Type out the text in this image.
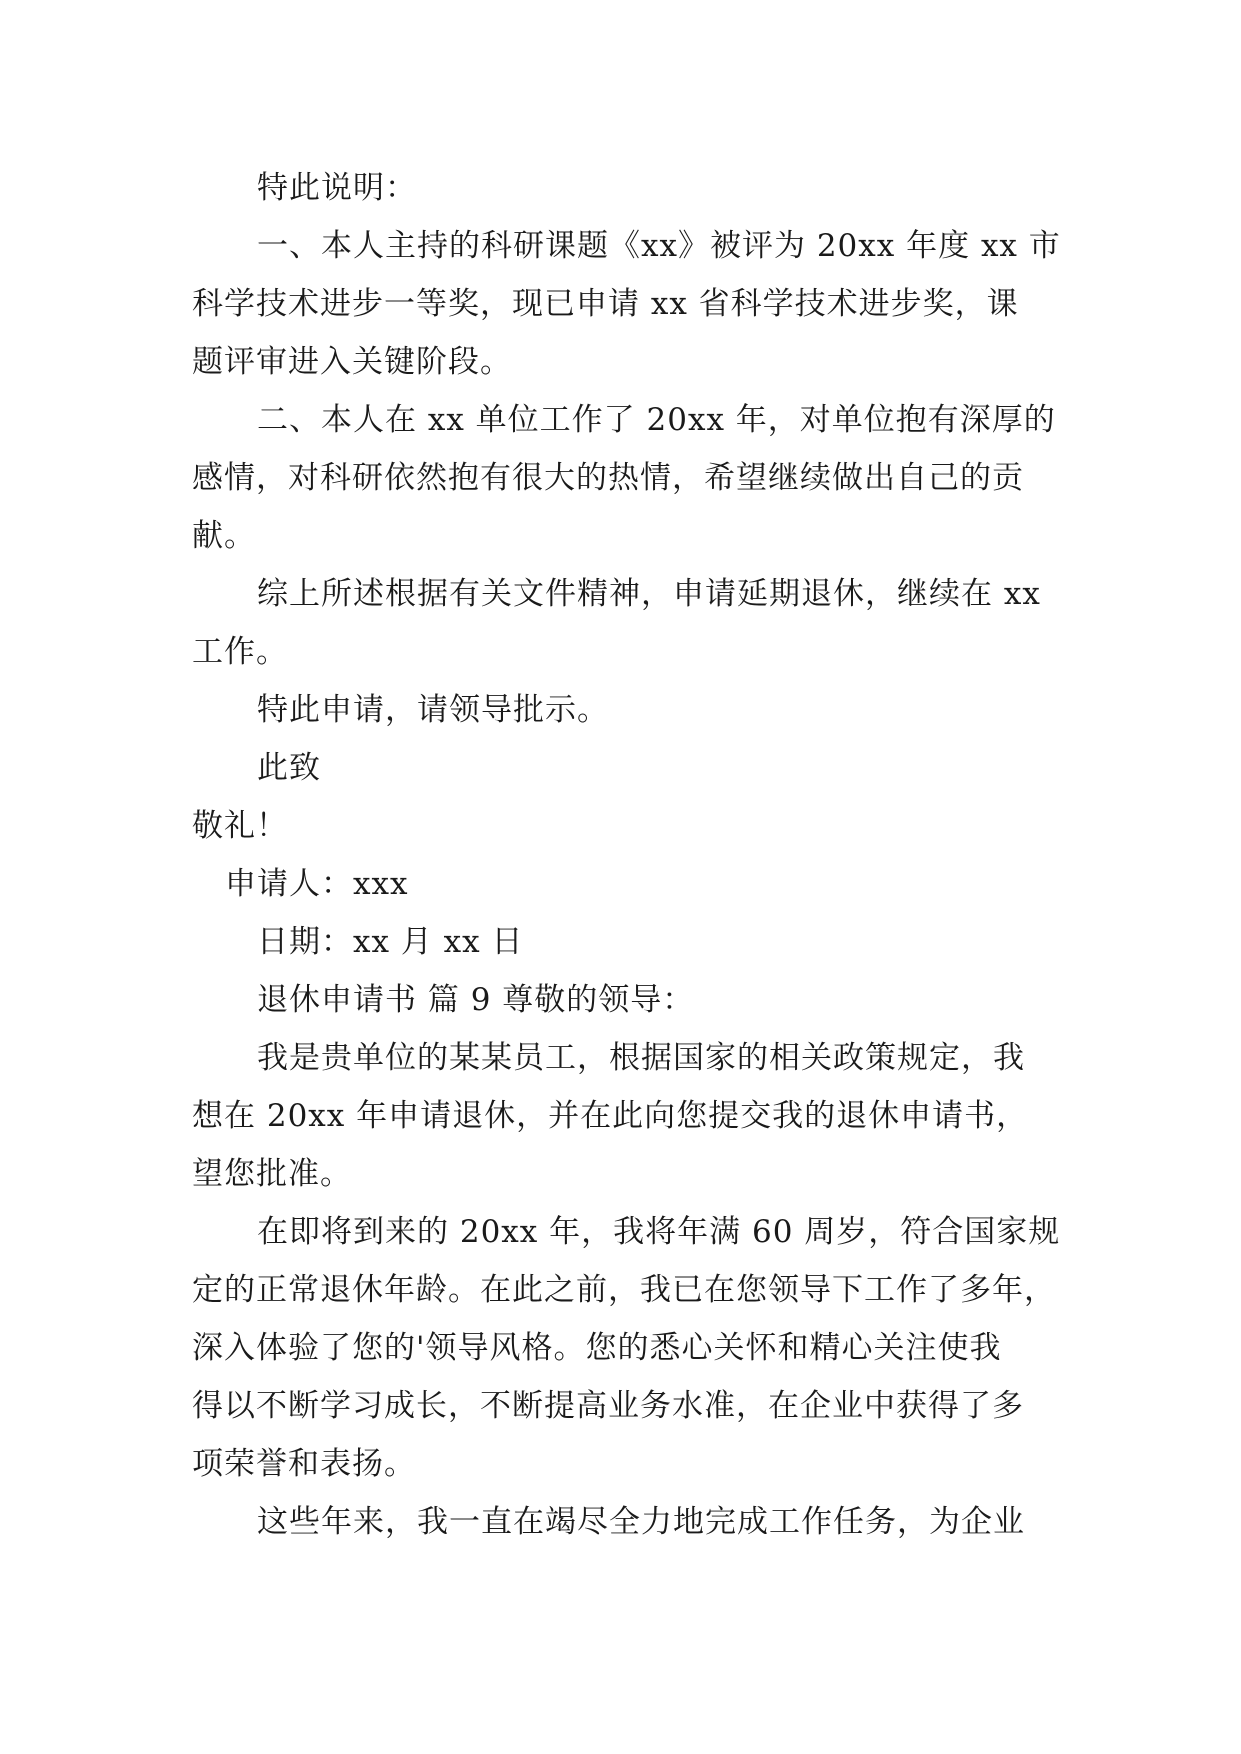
特此说明：
一、本人主持的科研课题《xx》被评为 20xx 年度 xx 市
科学技术进步一等奖，现已申请 xx 省科学技术进步奖，课
题评审进入关键阶段。
二、本人在 xx 单位工作了 20xx 年，对单位抱有深厚的
感情，对科研依然抱有很大的热情，希望继续做出自己的贡
献。
综上所述根据有关文件精神，申请延期退休，继续在 xx
工作。
特此申请，请领导批示。
此致
敬礼！
申请人：xxx
日期：xx 月 xx 日
退休申请书 篇 9 尊敬的领导：
我是贵单位的某某员工，根据国家的相关政策规定，我
想在 20xx 年申请退休，并在此向您提交我的退休申请书，
望您批准。
在即将到来的 20xx 年，我将年满 60 周岁，符合国家规
定的正常退休年龄。在此之前，我已在您领导下工作了多年，
深入体验了您的'领导风格。您的悉心关怀和精心关注使我
得以不断学习成长，不断提高业务水准，在企业中获得了多
项荣誉和表扬。
这些年来，我一直在竭尽全力地完成工作任务，为企业
